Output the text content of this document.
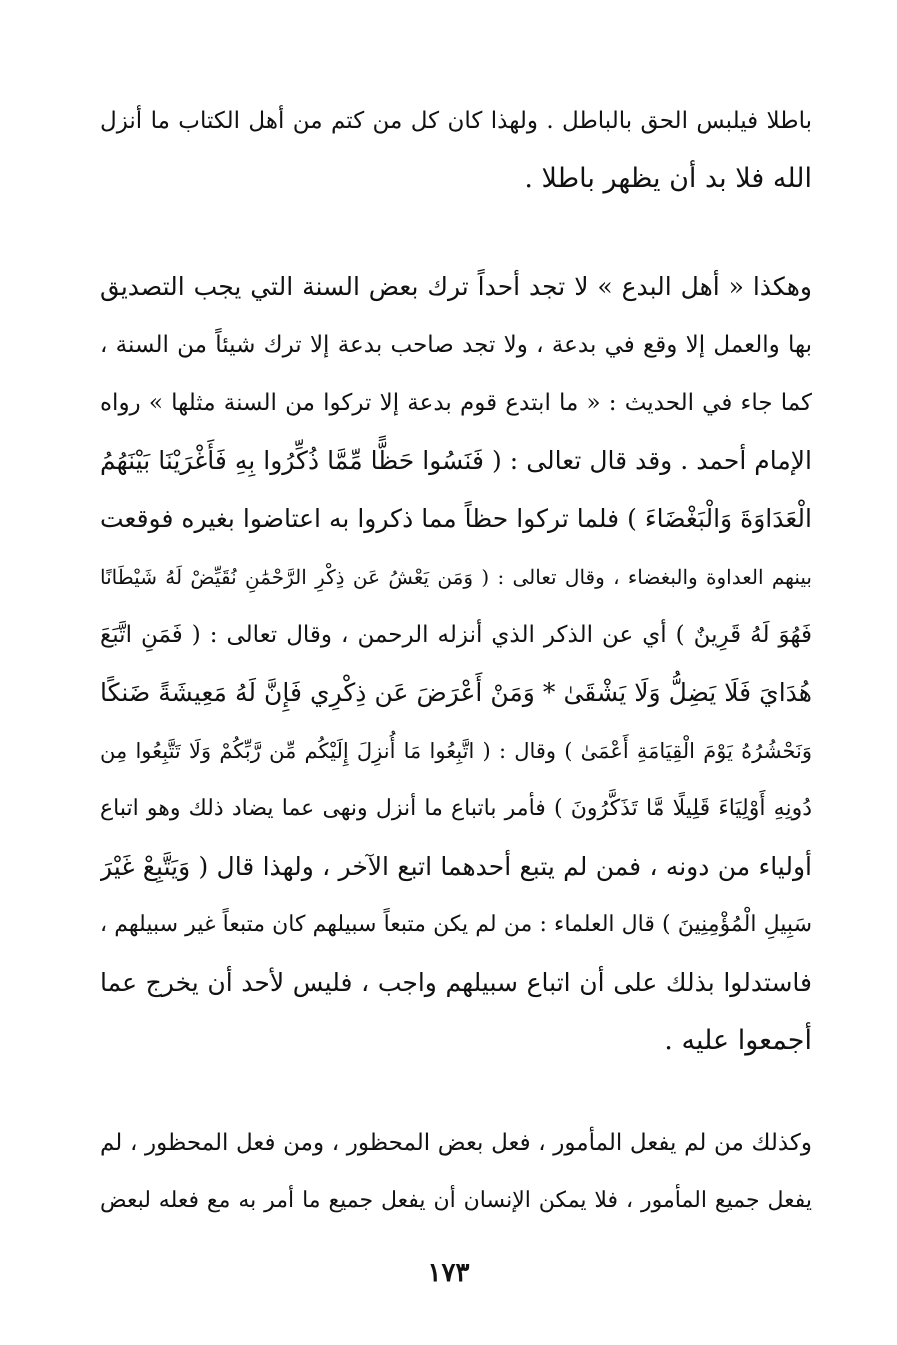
باطلا فيلبس الحق بالباطل . ولهذا كان كل من كتم من أهل الكتاب ما أنزل
الله فلا بد أن يظهر باطلا .
وهكذا « أهل البدع » لا تجد أحداً ترك بعض السنة التي يجب التصديق
بها والعمل إلا وقع في بدعة ، ولا تجد صاحب بدعة إلا ترك شيئاً من السنة ،
كما جاء في الحديث : « ما ابتدع قوم بدعة إلا تركوا من السنة مثلها » رواه
الإمام أحمد . وقد قال تعالى : ( فَنَسُوا حَظًّا مِّمَّا ذُكِّرُوا بِهِ فَأَغْرَيْنَا بَيْنَهُمُ
الْعَدَاوَةَ وَالْبَغْضَاءَ ) فلما تركوا حظاً مما ذكروا به اعتاضوا بغيره فوقعت
بينهم العداوة والبغضاء ، وقال تعالى : ( وَمَن يَعْشُ عَن ذِكْرِ الرَّحْمَٰنِ نُقَيِّضْ لَهُ شَيْطَانًا
فَهُوَ لَهُ قَرِينٌ ) أي عن الذكر الذي أنزله الرحمن ، وقال تعالى : ( فَمَنِ اتَّبَعَ
هُدَايَ فَلَا يَضِلُّ وَلَا يَشْقَىٰ * وَمَنْ أَعْرَضَ عَن ذِكْرِي فَإِنَّ لَهُ مَعِيشَةً ضَنكًا
وَنَحْشُرُهُ يَوْمَ الْقِيَامَةِ أَعْمَىٰ ) وقال : ( اتَّبِعُوا مَا أُنزِلَ إِلَيْكُم مِّن رَّبِّكُمْ وَلَا تَتَّبِعُوا مِن
دُونِهِ أَوْلِيَاءَ قَلِيلًا مَّا تَذَكَّرُونَ ) فأمر باتباع ما أنزل ونهى عما يضاد ذلك وهو اتباع
أولياء من دونه ، فمن لم يتبع أحدهما اتبع الآخر ، ولهذا قال ( وَيَتَّبِعْ غَيْرَ
سَبِيلِ الْمُؤْمِنِينَ ) قال العلماء : من لم يكن متبعاً سبيلهم كان متبعاً غير سبيلهم ،
فاستدلوا بذلك على أن اتباع سبيلهم واجب ، فليس لأحد أن يخرج عما
أجمعوا عليه .
وكذلك من لم يفعل المأمور ، فعل بعض المحظور ، ومن فعل المحظور ، لم
يفعل جميع المأمور ، فلا يمكن الإنسان أن يفعل جميع ما أمر به مع فعله لبعض
١٧٣
